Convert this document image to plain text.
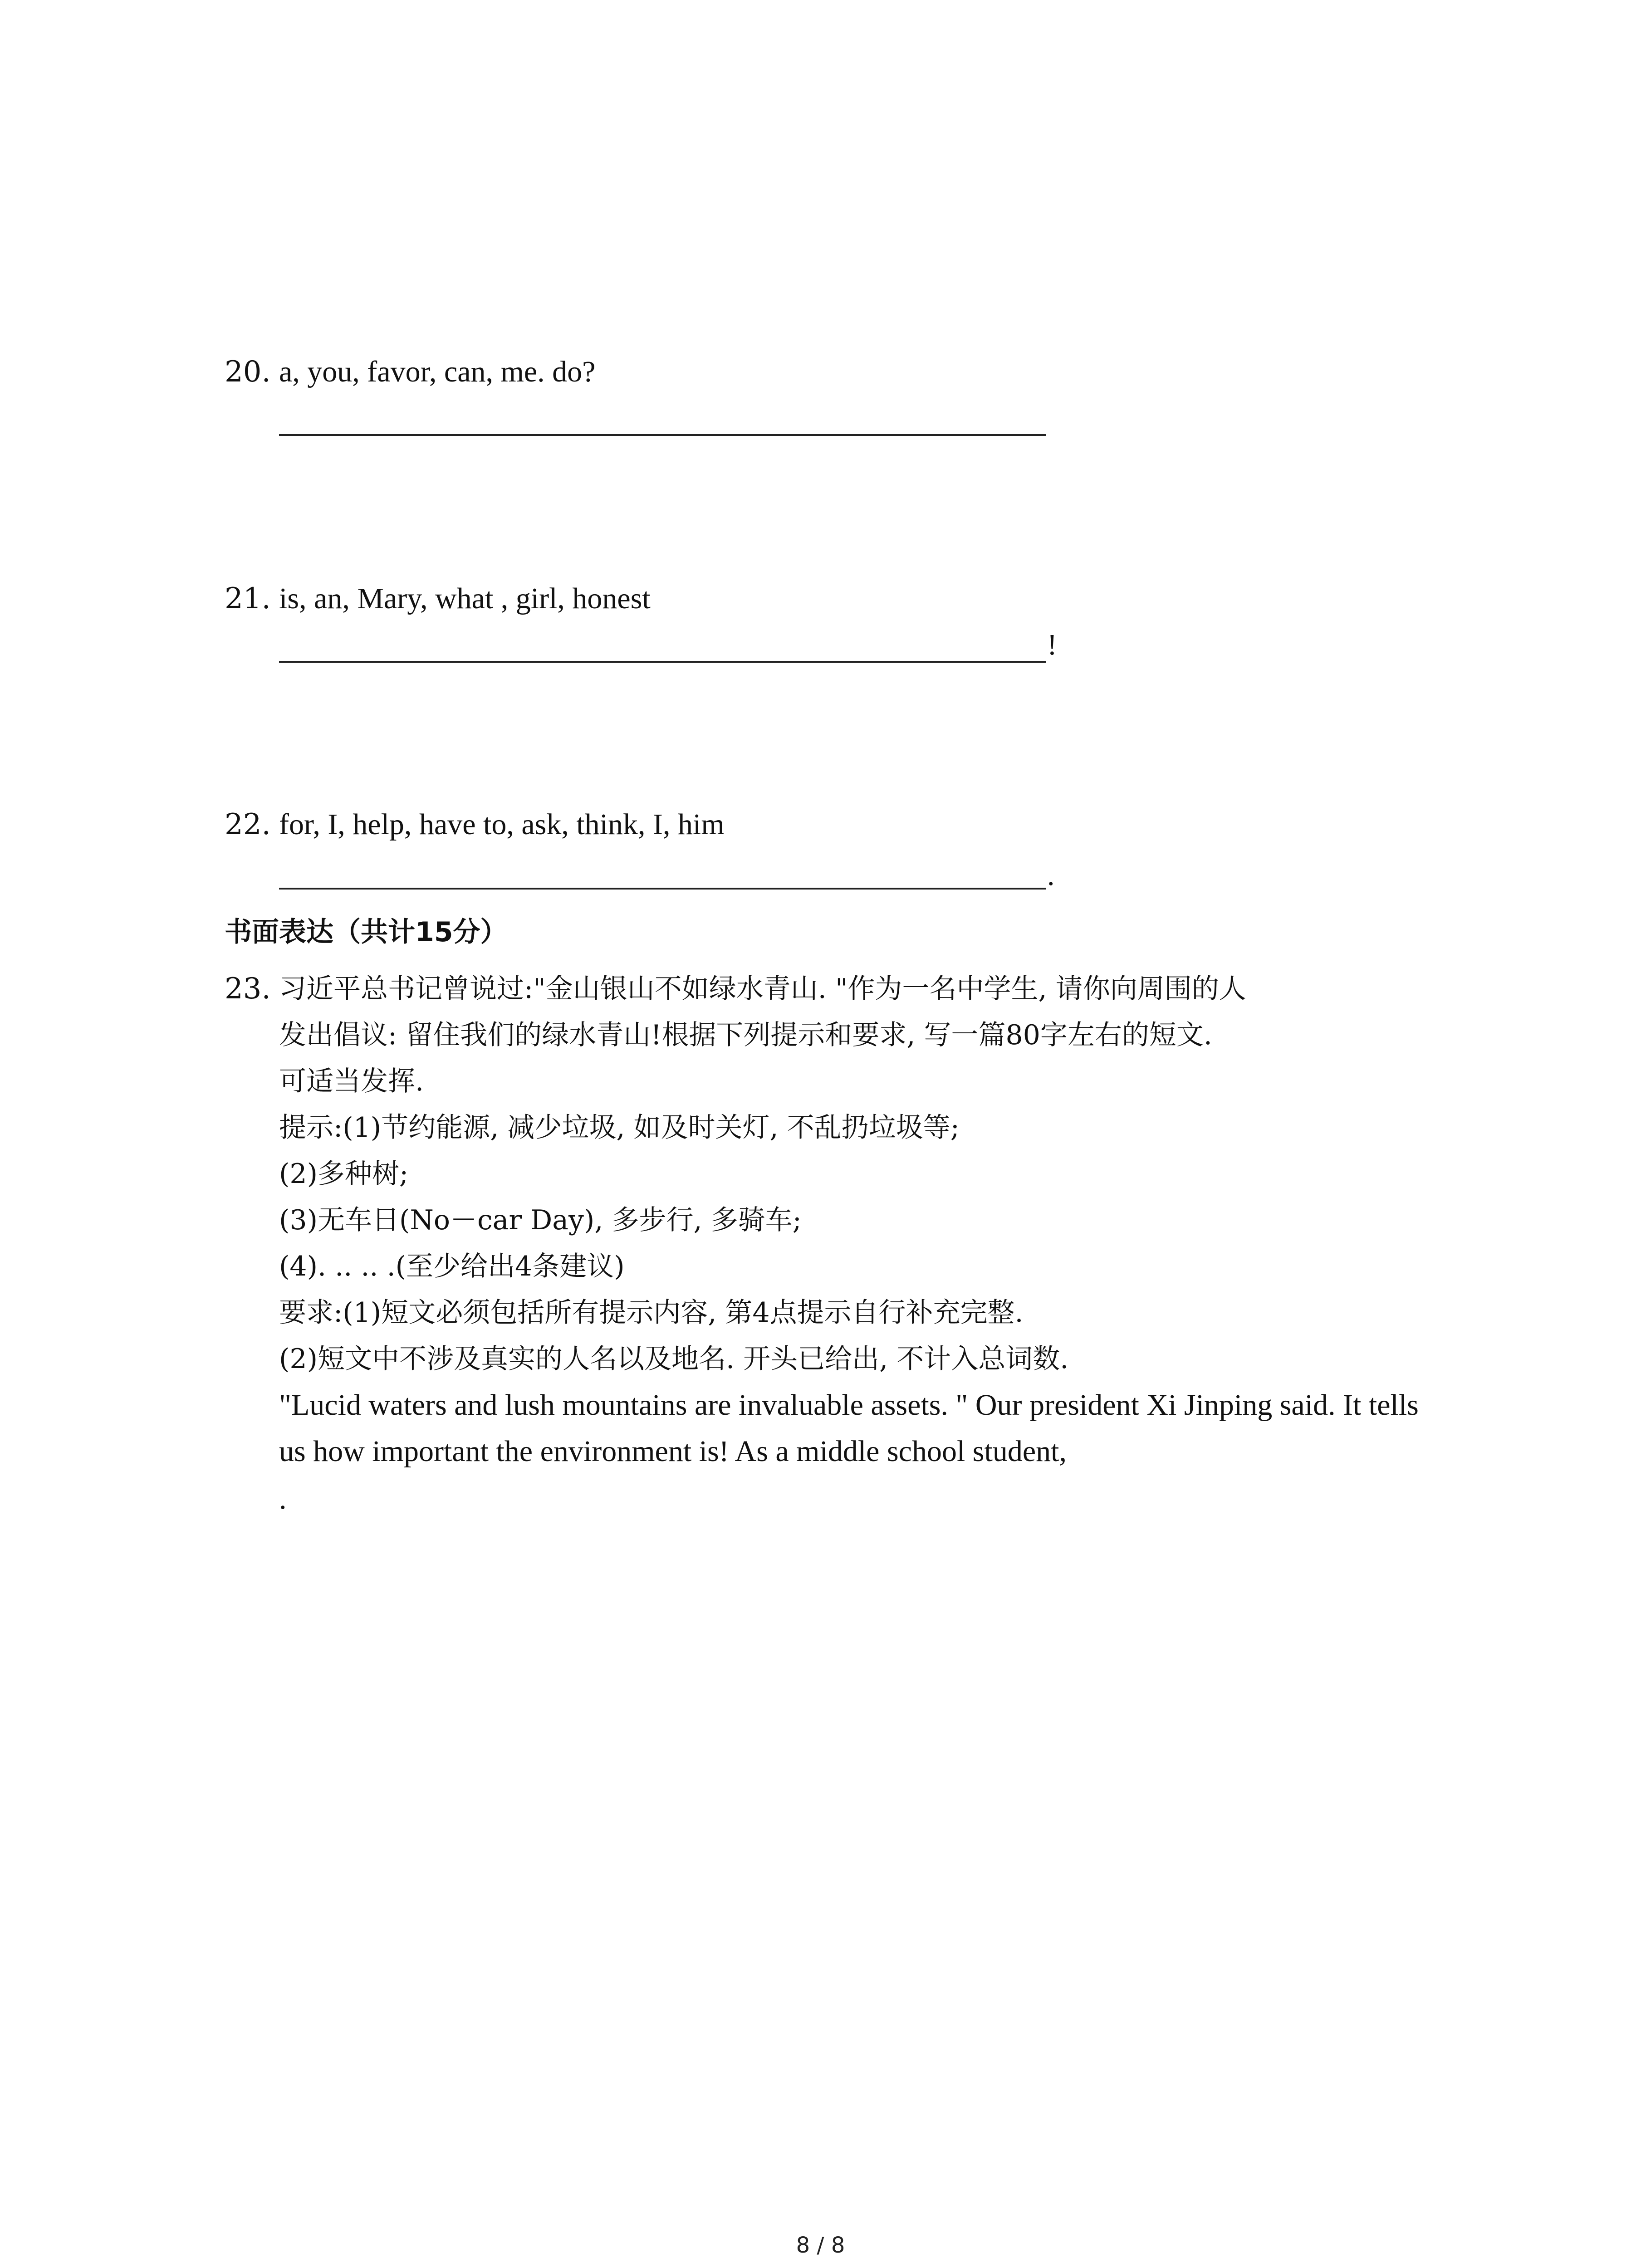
20. a, you, favor, can, me. do?
21. is, an, Mary, what , girl, honest
!
22. for, I, help, have to, ask, think, I, him
.
书面表达（共计15分）
23. 习近平总书记曾说过:"金山银山不如绿水青山. "作为一名中学生, 请你向周围的人
发出倡议: 留住我们的绿水青山!根据下列提示和要求, 写一篇80字左右的短文.
可适当发挥.
提示:(1)节约能源, 减少垃圾, 如及时关灯, 不乱扔垃圾等;
(2)多种树;
(3)无车日(No－car Day), 多步行, 多骑车;
(4). .. .. .(至少给出4条建议)
要求:(1)短文必须包括所有提示内容, 第4点提示自行补充完整.
(2)短文中不涉及真实的人名以及地名. 开头已给出, 不计入总词数.
"Lucid waters and lush mountains are invaluable assets. " Our president Xi Jinping said. It tells
us how important the environment is! As a middle school student,
.
8 / 8
